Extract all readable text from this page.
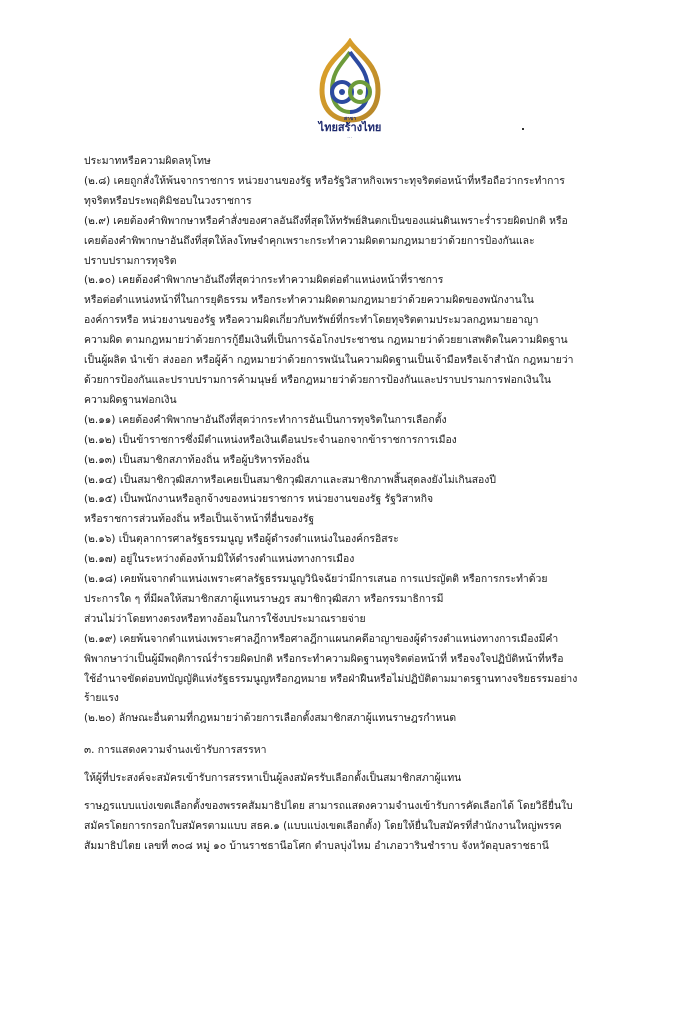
สาขา
ไทยสร้างไทย
...

ประมาทหรือความผิดลหุโทษ

(๒.๘) เคยถูกสั่งให้พ้นจากราชการ หน่วยงานของรัฐ หรือรัฐวิสาหกิจเพราะทุจริตต่อหน้าที่หรือถือว่ากระทำการ

ทุจริตหรือประพฤติมิชอบในวงราชการ

(๒.๙) เคยต้องคำพิพากษาหรือคำสั่งของศาลอันถึงที่สุดให้ทรัพย์สินตกเป็นของแผ่นดินเพราะร่ำรวยผิดปกติ หรือ

เคยต้องคำพิพากษาอันถึงที่สุดให้ลงโทษจำคุกเพราะกระทำความผิดตามกฎหมายว่าด้วยการป้องกันและ

ปราบปรามการทุจริต

(๒.๑๐) เคยต้องคำพิพากษาอันถึงที่สุดว่ากระทำความผิดต่อตำแหน่งหน้าที่ราชการ

หรือต่อตำแหน่งหน้าที่ในการยุติธรรม หรือกระทำความผิดตามกฎหมายว่าด้วยความผิดของพนักงานใน

องค์การหรือ หน่วยงานของรัฐ หรือความผิดเกี่ยวกับทรัพย์ที่กระทำโดยทุจริตตามประมวลกฎหมายอาญา

ความผิด ตามกฎหมายว่าด้วยการกู้ยืมเงินที่เป็นการฉ้อโกงประชาชน กฎหมายว่าด้วยยาเสพติดในความผิดฐาน

เป็นผู้ผลิต นำเข้า ส่งออก หรือผู้ค้า กฎหมายว่าด้วยการพนันในความผิดฐานเป็นเจ้ามือหรือเจ้าสำนัก กฎหมายว่า

ด้วยการป้องกันและปราบปรามการค้ามนุษย์ หรือกฎหมายว่าด้วยการป้องกันและปราบปรามการฟอกเงินใน

ความผิดฐานฟอกเงิน

(๒.๑๑) เคยต้องคำพิพากษาอันถึงที่สุดว่ากระทำการอันเป็นการทุจริตในการเลือกตั้ง

(๒.๑๒) เป็นข้าราชการซึ่งมีตำแหน่งหรือเงินเดือนประจำนอกจากข้าราชการการเมือง

(๒.๑๓) เป็นสมาชิกสภาท้องถิ่น หรือผู้บริหารท้องถิ่น

(๒.๑๔) เป็นสมาชิกวุฒิสภาหรือเคยเป็นสมาชิกวุฒิสภาและสมาชิกภาพสิ้นสุดลงยังไม่เกินสองปี

(๒.๑๕) เป็นพนักงานหรือลูกจ้างของหน่วยราชการ หน่วยงานของรัฐ รัฐวิสาหกิจ

หรือราชการส่วนท้องถิ่น หรือเป็นเจ้าหน้าที่อื่นของรัฐ

(๒.๑๖) เป็นตุลาการศาลรัฐธรรมนูญ หรือผู้ดำรงตำแหน่งในองค์กรอิสระ

(๒.๑๗) อยู่ในระหว่างต้องห้ามมิให้ดำรงตำแหน่งทางการเมือง

(๒.๑๘) เคยพ้นจากตำแหน่งเพราะศาลรัฐธรรมนูญวินิจฉัยว่ามีการเสนอ การแปรญัตติ หรือการกระทำด้วย

ประการใด ๆ ที่มีผลให้สมาชิกสภาผู้แทนราษฎร สมาชิกวุฒิสภา หรือกรรมาธิการมี

ส่วนไม่ว่าโดยทางตรงหรือทางอ้อมในการใช้งบประมาณรายจ่าย

(๒.๑๙) เคยพ้นจากตำแหน่งเพราะศาลฎีกาหรือศาลฎีกาแผนกคดีอาญาของผู้ดำรงตำแหน่งทางการเมืองมีคำ

พิพากษาว่าเป็นผู้มีพฤติการณ์ร่ำรวยผิดปกติ หรือกระทำความผิดฐานทุจริตต่อหน้าที่ หรือจงใจปฏิบัติหน้าที่หรือ

ใช้อำนาจขัดต่อบทบัญญัติแห่งรัฐธรรมนูญหรือกฎหมาย หรือฝ่าฝืนหรือไม่ปฏิบัติตามมาตรฐานทางจริยธรรมอย่าง

ร้ายแรง

(๒.๒๐) ลักษณะอื่นตามที่กฎหมายว่าด้วยการเลือกตั้งสมาชิกสภาผู้แทนราษฎรกำหนด

๓. การแสดงความจำนงเข้ารับการสรรหา

ให้ผู้ที่ประสงค์จะสมัครเข้ารับการสรรหาเป็นผู้ลงสมัครรับเลือกตั้งเป็นสมาชิกสภาผู้แทน

ราษฎรแบบแบ่งเขตเลือกตั้งของพรรคสัมมาธิปไตย สามารถแสดงความจำนงเข้ารับการคัดเลือกได้ โดยวิธียื่นใบ

สมัครโดยการกรอกใบสมัครตามแบบ สธค.๑ (แบบแบ่งเขตเลือกตั้ง) โดยให้ยื่นใบสมัครที่สำนักงานใหญ่พรรค

สัมมาธิปไตย เลขที่ ๓๐๘ หมู่ ๑๐ บ้านราชธานีอโศก ตำบลบุ่งไหม อำเภอวารินชำราบ จังหวัดอุบลราชธานี
